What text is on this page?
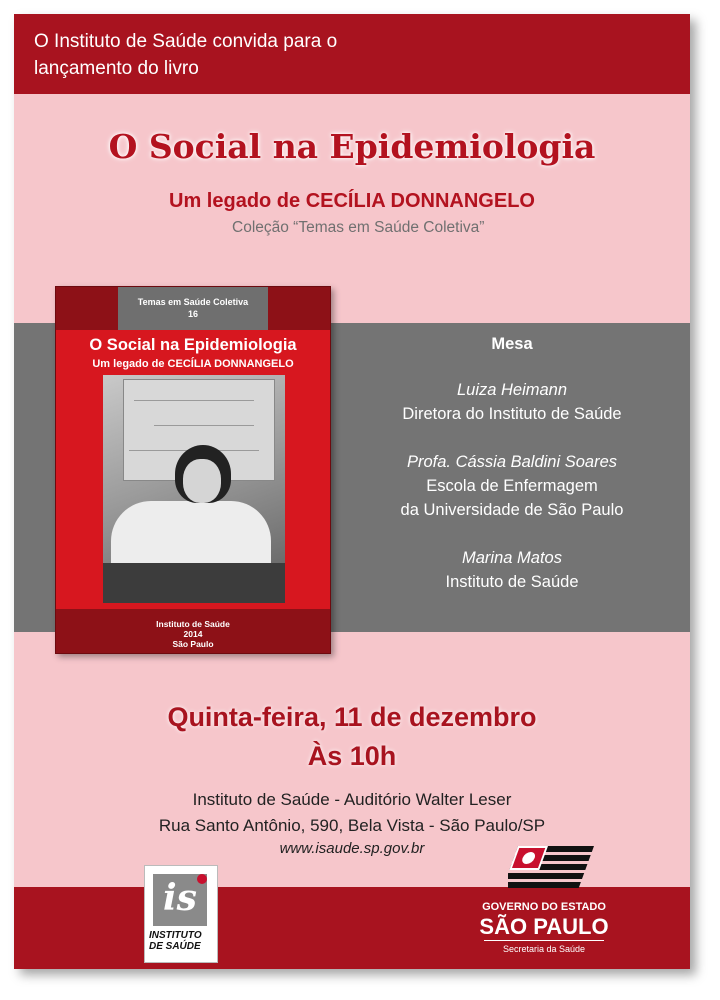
O Instituto de Saúde convida para o
lançamento do livro
O Social na Epidemiologia
Um legado de CECÍLIA DONNANGELO
Coleção “Temas em Saúde Coletiva”
Mesa
Luiza Heimann
Diretora do Instituto de Saúde
Profa. Cássia Baldini Soares
Escola de Enfermagem
da Universidade de São Paulo
Marina Matos
Instituto de Saúde
Temas em Saúde Coletiva
16
O Social na Epidemiologia
Um legado de CECÍLIA DONNANGELO
Instituto de Saúde
2014
São Paulo
Quinta-feira, 11 de dezembro
Às 10h
Instituto de Saúde - Auditório Walter Leser
Rua Santo Antônio, 590, Bela Vista - São Paulo/SP
www.isaude.sp.gov.br
is
INSTITUTO
DE SAÚDE
GOVERNO DO ESTADO
SÃO PAULO
Secretaria da Saúde
